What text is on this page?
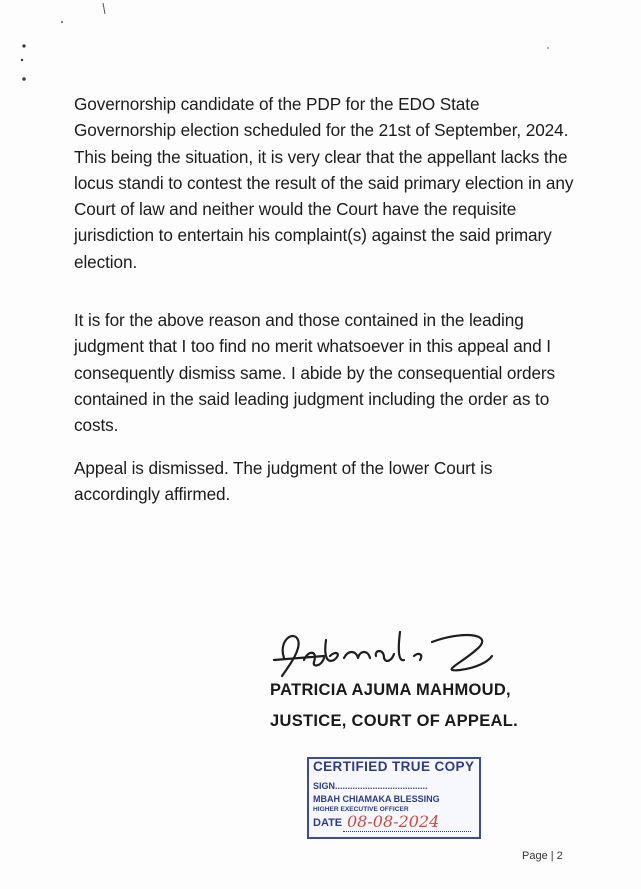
Governorship candidate of the PDP for the EDO State Governorship election scheduled for the 21st of September, 2024. This being the situation, it is very clear that the appellant lacks the locus standi to contest the result of the said primary election in any Court of law and neither would the Court have the requisite jurisdiction to entertain his complaint(s) against the said primary election.

It is for the above reason and those contained in the leading judgment that I too find no merit whatsoever in this appeal and I consequently dismiss same. I abide by the consequential orders contained in the said leading judgment including the order as to costs.

Appeal is dismissed. The judgment of the lower Court is accordingly affirmed.

PATRICIA AJUMA MAHMOUD,
JUSTICE, COURT OF APPEAL.
CERTIFIED TRUE COPY
SIGN.....................................
MBAH CHIAMAKA BLESSING
HIGHER EXECUTIVE OFFICER
DATE 08-08-2024
Page | 2
